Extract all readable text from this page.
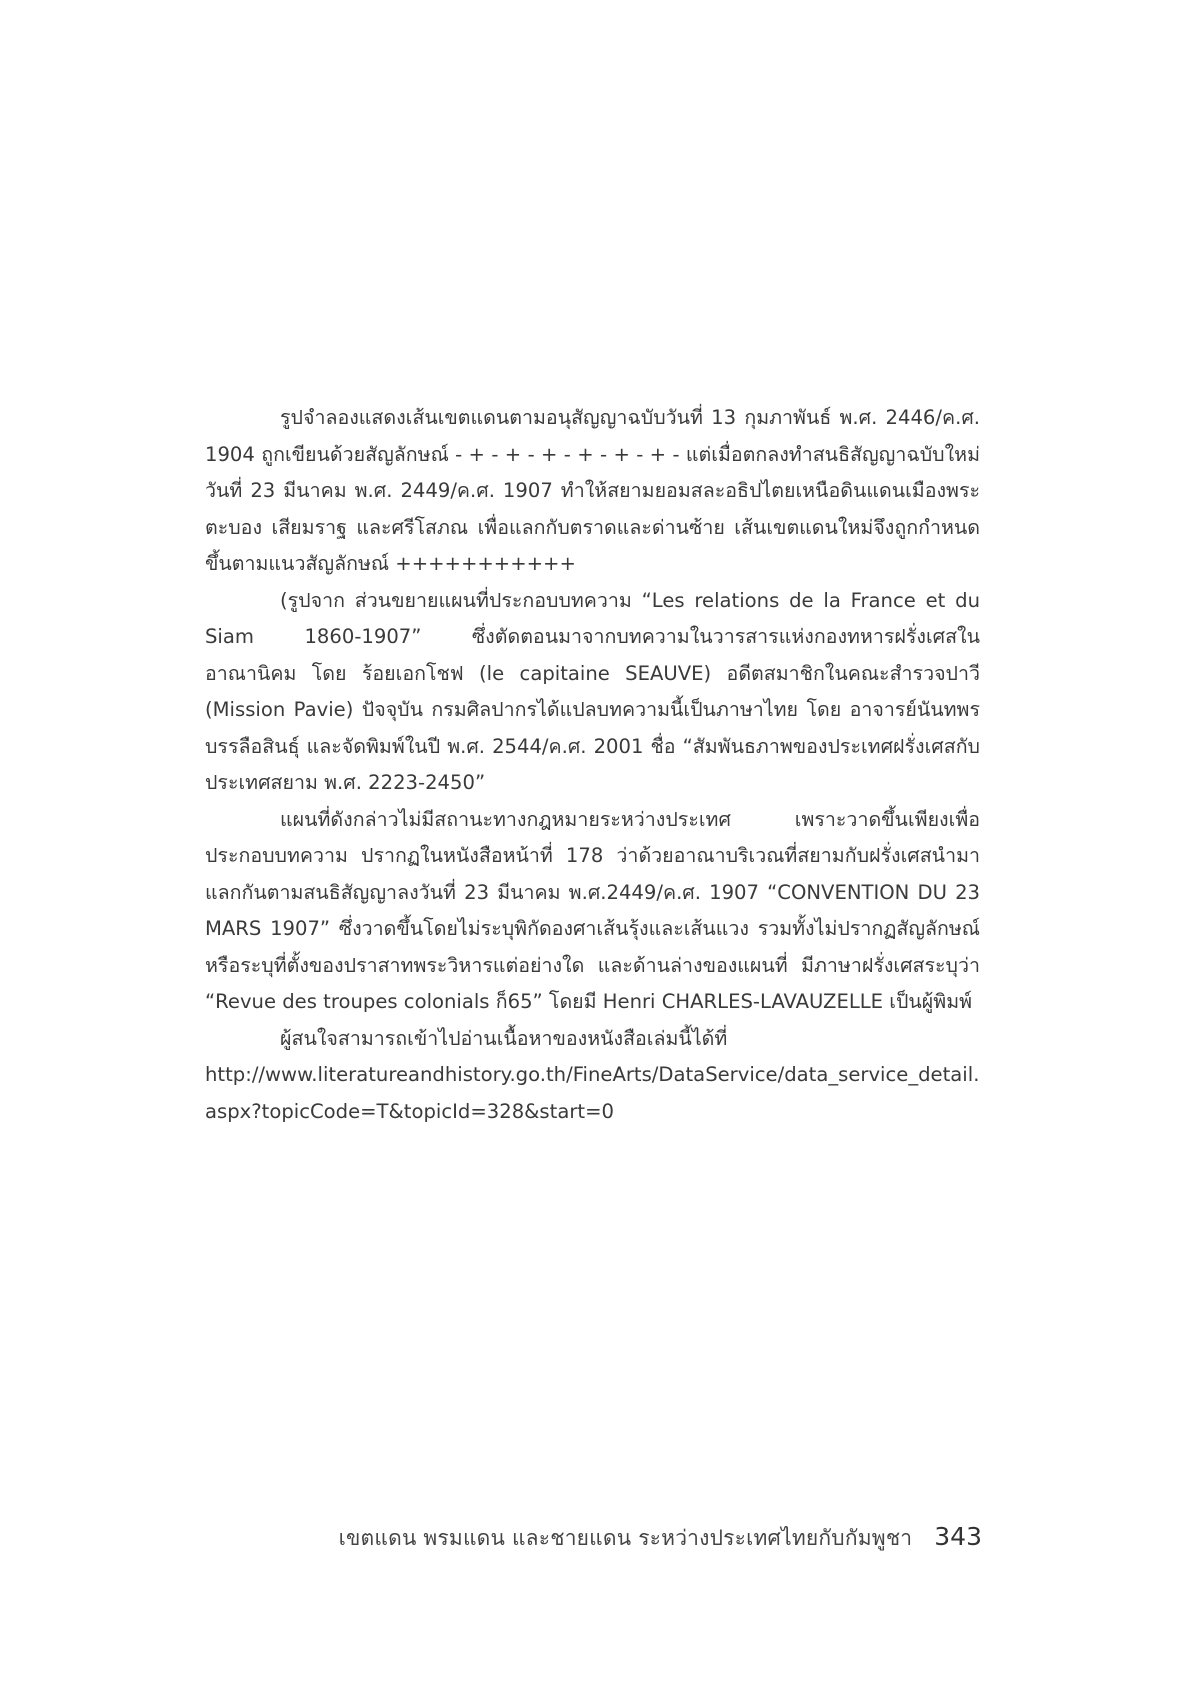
รูปจำลองแสดงเส้นเขตแดนตามอนุสัญญาฉบับวันที่ 13 กุมภาพันธ์ พ.ศ. 2446/ค.ศ. 1904 ถูกเขียนด้วยสัญลักษณ์ - + - + - + - + - + - + - แต่เมื่อตกลงทำสนธิสัญญาฉบับใหม่วันที่ 23 มีนาคม พ.ศ. 2449/ค.ศ. 1907 ทำให้สยามยอมสละอธิปไตยเหนือดินแดนเมืองพระตะบอง เสียมราฐ และศรีโสภณ เพื่อแลกกับตราดและด่านซ้าย เส้นเขตแดนใหม่จึงถูกกำหนดขึ้นตามแนวสัญลักษณ์ +++++++++++

(รูปจาก ส่วนขยายแผนที่ประกอบบทความ “Les relations de la France et du Siam 1860-1907” ซึ่งตัดตอนมาจากบทความในวารสารแห่งกองทหารฝรั่งเศสในอาณานิคม โดย ร้อยเอกโชฟ (le capitaine SEAUVE) อดีตสมาชิกในคณะสำรวจปาวี (Mission Pavie) ปัจจุบัน กรมศิลปากรได้แปลบทความนี้เป็นภาษาไทย โดย อาจารย์นันทพร บรรลือสินธุ์ และจัดพิมพ์ในปี พ.ศ. 2544/ค.ศ. 2001 ชื่อ “สัมพันธภาพของประเทศฝรั่งเศสกับประเทศสยาม พ.ศ. 2223-2450”

แผนที่ดังกล่าวไม่มีสถานะทางกฎหมายระหว่างประเทศ เพราะวาดขึ้นเพียงเพื่อประกอบบทความ ปรากฏในหนังสือหน้าที่ 178 ว่าด้วยอาณาบริเวณที่สยามกับฝรั่งเศสนำมาแลกกันตามสนธิสัญญาลงวันที่ 23 มีนาคม พ.ศ.2449/ค.ศ. 1907 “CONVENTION DU 23 MARS 1907” ซึ่งวาดขึ้นโดยไม่ระบุพิกัดองศาเส้นรุ้งและเส้นแวง รวมทั้งไม่ปรากฏสัญลักษณ์หรือระบุที่ตั้งของปราสาทพระวิหารแต่อย่างใด และด้านล่างของแผนที่ มีภาษาฝรั่งเศสระบุว่า “Revue des troupes colonials ก็65” โดยมี Henri CHARLES-LAVAUZELLE เป็นผู้พิมพ์

ผู้สนใจสามารถเข้าไปอ่านเนื้อหาของหนังสือเล่มนี้ได้ที่ http://www.literatureandhistory.go.th/FineArts/DataService/data_service_detail.aspx?topicCode=T&topicId=328&start=0

เขตแดน พรมแดน และชายแดน ระหว่างประเทศไทยกับกัมพูชา 343
